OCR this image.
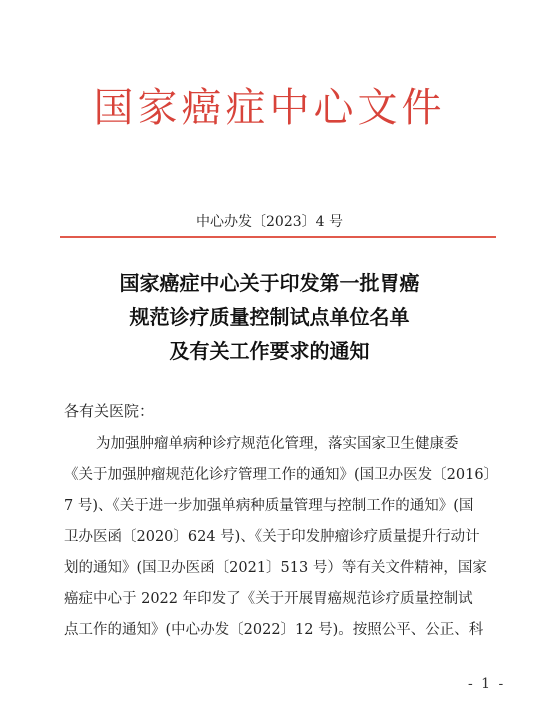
国家癌症中心文件
中心办发〔2023〕4 号
国家癌症中心关于印发第一批胃癌
规范诊疗质量控制试点单位名单
及有关工作要求的通知
各有关医院：
为加强肿瘤单病种诊疗规范化管理，落实国家卫生健康委
《关于加强肿瘤规范化诊疗管理工作的通知》(国卫办医发〔2016〕
7 号)、《关于进一步加强单病种质量管理与控制工作的通知》(国
卫办医函〔2020〕624 号)、《关于印发肿瘤诊疗质量提升行动计
划的通知》(国卫办医函〔2021〕513 号）等有关文件精神，国家
癌症中心于 2022 年印发了《关于开展胃癌规范诊疗质量控制试
点工作的通知》(中心办发〔2022〕12 号)。按照公平、公正、科
- 1 -
